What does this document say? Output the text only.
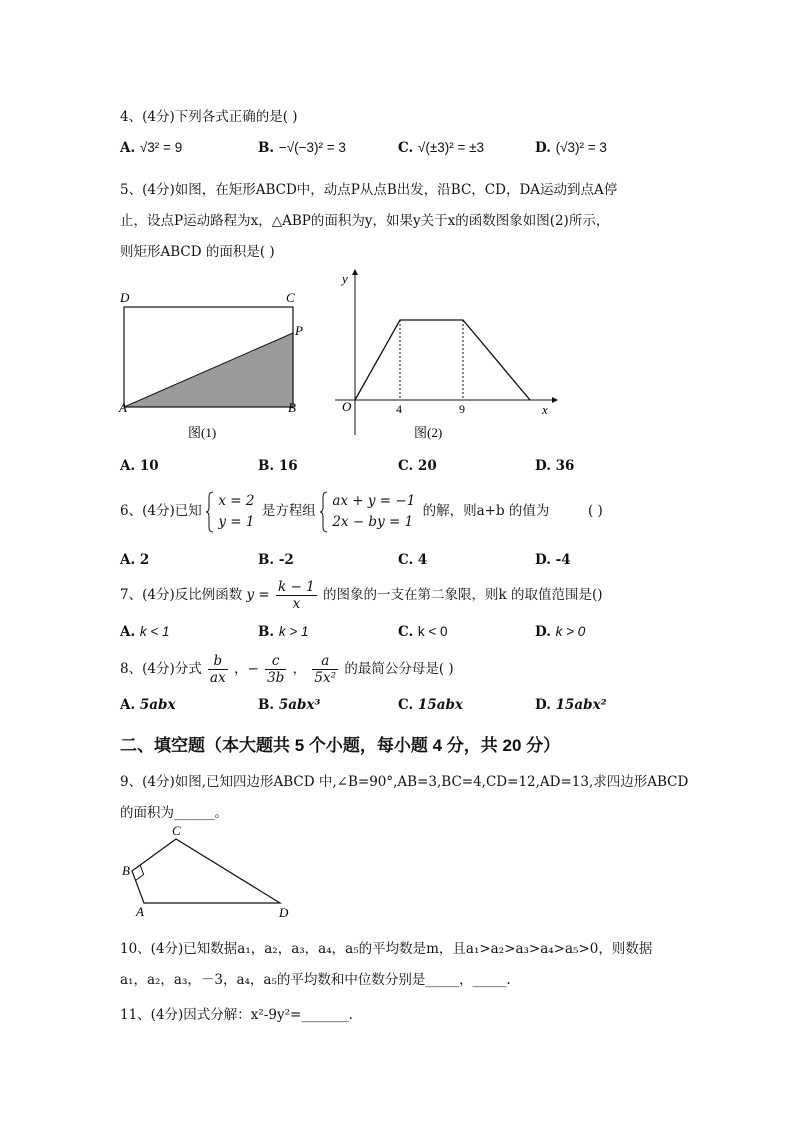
4、(4分)下列各式正确的是( )
A. √3² = 9	B. −√(−3)² = 3	C. √(±3)² = ±3	D. (√3)² = 3
5、(4分)如图，在矩形ABCD中，动点P从点B出发，沿BC，CD，DA运动到点A停
止，设点P运动路程为x，△ABP的面积为y，如果y关于x的函数图象如图(2)所示，
则矩形ABCD 的面积是( )
D	C
P
A	B
图(1)
y
x
O	4	9
图(2)
A. 10	B. 16	C. 20	D. 36
6、(4分)已知
x = 2
y = 1
是方程组
ax + y = −1
2x − by = 1
的解，则a+b 的值为	( )
A. 2	B. -2	C. 4	D. -4
7、(4分)反比例函数 $y = \frac{k - 1}{x}$ 的图象的一支在第二象限，则k 的取值范围是()
A. k < 1	B. k > 1	C. k < 0	D. k > 0
8、(4分)分式 $\frac{b}{ax}$ ，− $\frac{c}{3b}$ ， $\frac{a}{\text{5x²}}$ 的最简公分母是( )
A. 5abx	B. 5abx³	C. 15abx	D. 15abx²
二、填空题（本大题共 5 个小题，每小题 4 分，共 20 分）
9、(4分)如图,已知四边形ABCD 中,∠B=90°,AB=3,BC=4,CD=12,AD=13,求四边形ABCD
的面积为______。
C
B
A	D
10、(4分)已知数据a₁，a₂，a₃，a₄，a₅的平均数是m，且a₁>a₂>a₃>a₄>a₅>0，则数据
a₁，a₂，a₃，－3，a₄，a₅的平均数和中位数分别是_____，_____.
11、(4分)因式分解：x²-9y²=_______.
